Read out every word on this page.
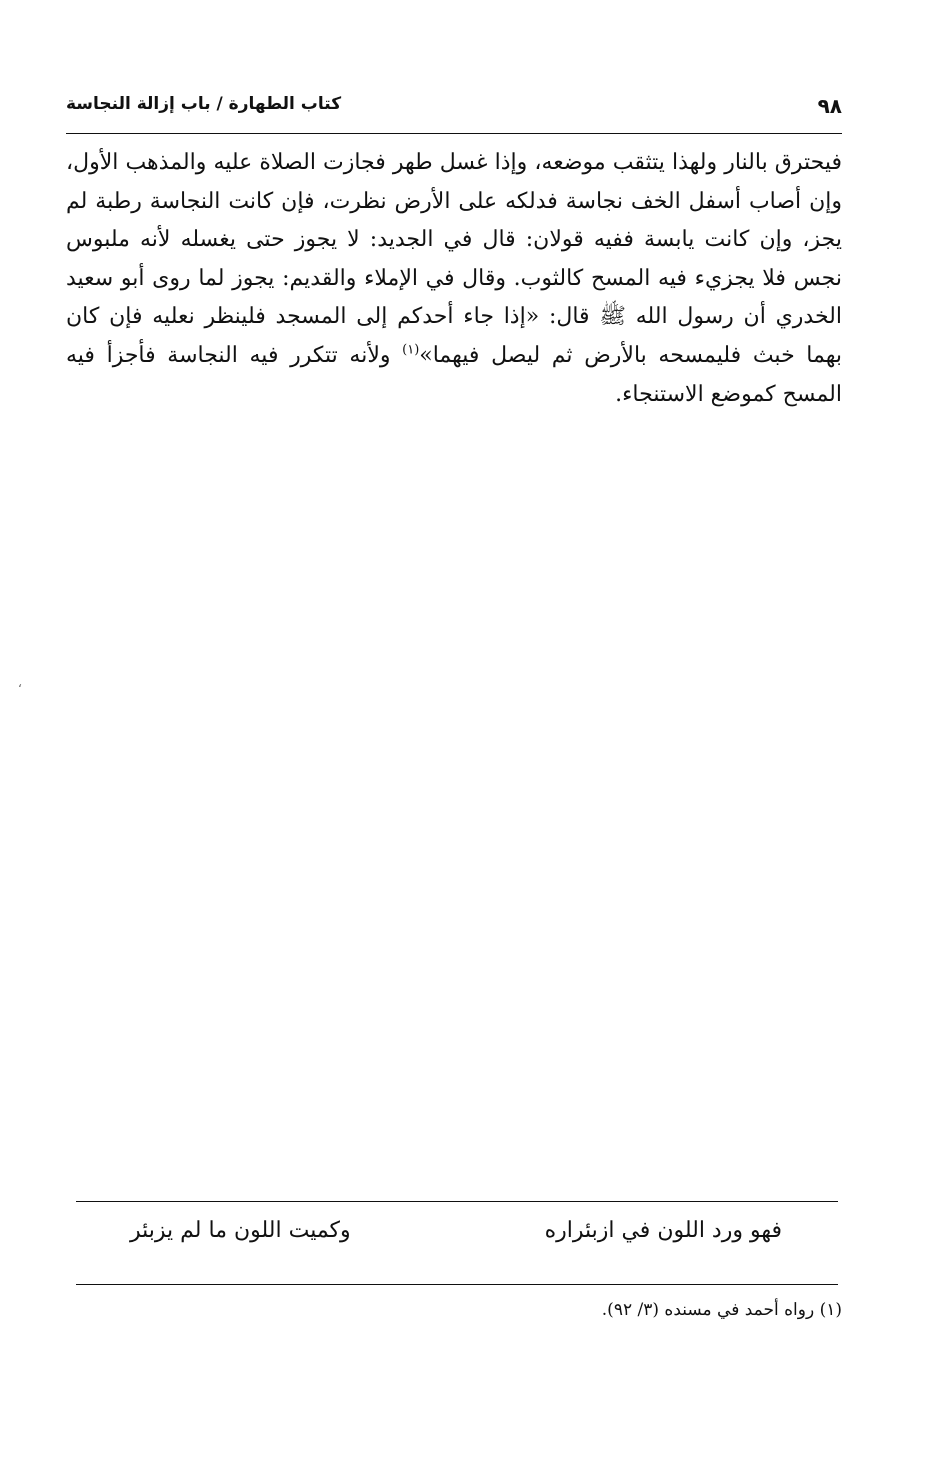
٩٨
كتاب الطهارة / باب إزالة النجاسة
فيحترق بالنار ولهذا يتثقب موضعه، وإذا غسل طهر فجازت الصلاة عليه والمذهب الأول، وإن أصاب أسفل الخف نجاسة فدلكه على الأرض نظرت، فإن كانت النجاسة رطبة لم يجز، وإن كانت يابسة ففيه قولان: قال في الجديد: لا يجوز حتى يغسله لأنه ملبوس نجس فلا يجزيء فيه المسح كالثوب. وقال في الإملاء والقديم: يجوز لما روى أبو سعيد الخدري أن رسول الله ﷺ قال: «إذا جاء أحدكم إلى المسجد فلينظر نعليه فإن كان بهما خبث فليمسحه بالأرض ثم ليصل فيهما»$^{(١)}$ ولأنه تتكرر فيه النجاسة فأجزأ فيه المسح كموضع الاستنجاء.
ʻ
فهو ورد اللون في ازبئراره
وكميت اللون ما لم يزبئر
(١) رواه أحمد في مسنده (٣/ ٩٢).
